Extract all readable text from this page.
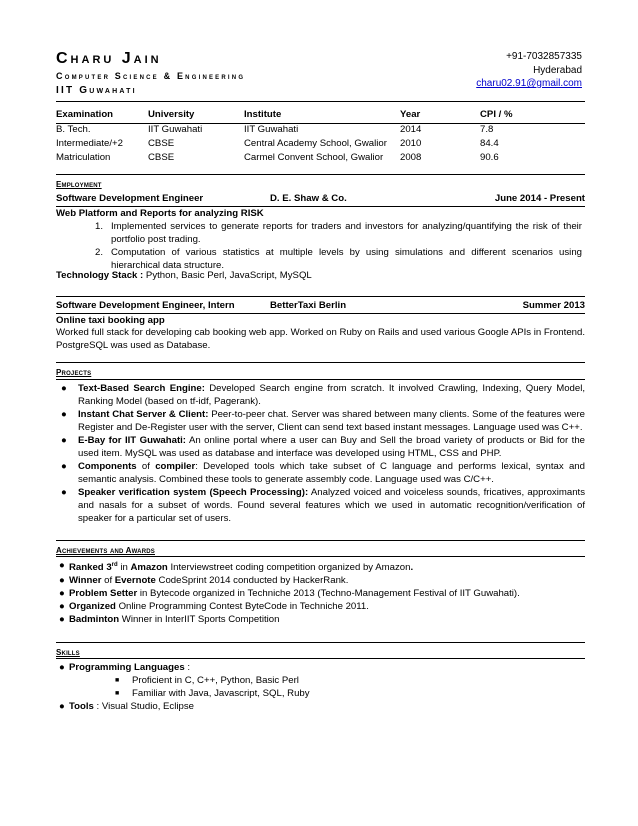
Charu Jain
Computer Science & Engineering
IIT Guwahati
+91-7032857335
Hyderabad
charu02.91@gmail.com
Examination	University	Institute	Year	CPI / %
B. Tech.	IIT Guwahati	IIT Guwahati	2014	7.8
Intermediate/+2	CBSE	Central Academy School, Gwalior	2010	84.4
Matriculation	CBSE	Carmel Convent School, Gwalior	2008	90.6
Employment
Software Development Engineer	D. E. Shaw & Co.	June 2014 - Present
Web Platform and Reports for analyzing RISK
1. Implemented services to generate reports for traders and investors for analyzing/quantifying the risk of their portfolio post trading.
2. Computation of various statistics at multiple levels by using simulations and different scenarios using hierarchical data structure.
Technology Stack : Python, Basic Perl, JavaScript, MySQL
Software Development Engineer, Intern	BetterTaxi Berlin	Summer 2013
Online taxi booking app
Worked full stack for developing cab booking web app. Worked on Ruby on Rails and used various Google APIs in Frontend. PostgreSQL was used as Database.
Projects
● Text-Based Search Engine: Developed Search engine from scratch. It involved Crawling, Indexing, Query Model, Ranking Model (based on tf-idf, Pagerank).
● Instant Chat Server & Client: Peer-to-peer chat. Server was shared between many clients. Some of the features were Register and De-Register user with the server, Client can send text based instant messages. Language used was C++.
● E-Bay for IIT Guwahati: An online portal where a user can Buy and Sell the broad variety of products or Bid for the used item. MySQL was used as database and interface was developed using HTML, CSS and PHP.
● Components of compiler: Developed tools which take subset of C language and performs lexical, syntax and semantic analysis. Combined these tools to generate assembly code. Language used was C/C++.
● Speaker verification system (Speech Processing): Analyzed voiced and voiceless sounds, fricatives, approximants and nasals for a subset of words. Found several features which we used in automatic recognition/verification of speaker for a particular set of users.
Achievements and Awards
● Ranked 3rd in Amazon Interviewstreet coding competition organized by Amazon.
● Winner of Evernote CodeSprint 2014 conducted by HackerRank.
● Problem Setter in Bytecode organized in Techniche 2013 (Techno-Management Festival of IIT Guwahati).
● Organized Online Programming Contest ByteCode in Techniche 2011.
● Badminton Winner in InterIIT Sports Competition
Skills
● Programming Languages :
■ Proficient in C, C++, Python, Basic Perl
■ Familiar with Java, Javascript, SQL, Ruby
● Tools : Visual Studio, Eclipse
